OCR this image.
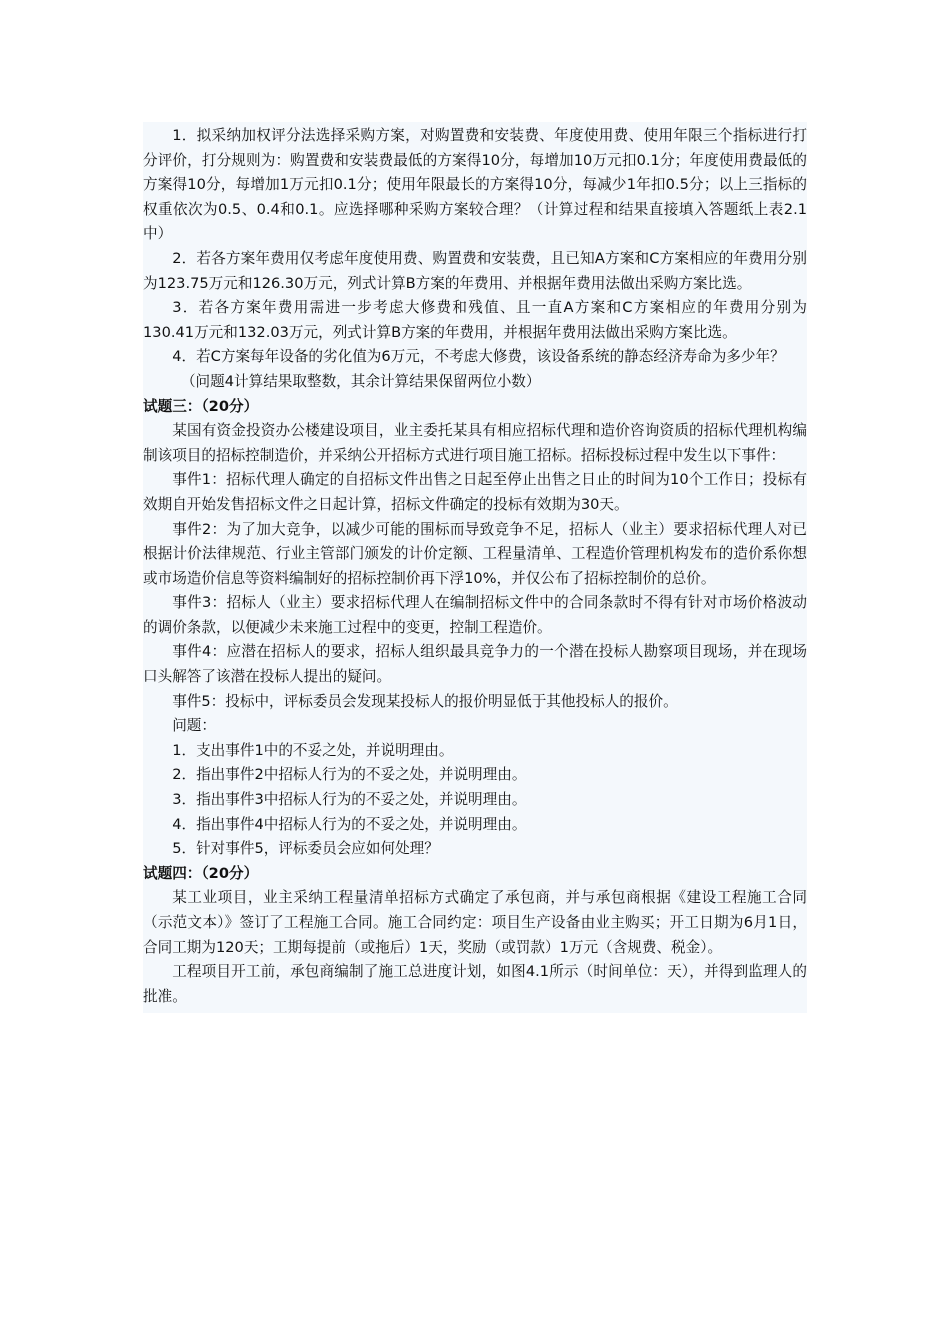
1．拟采纳加权评分法选择采购方案，对购置费和安装费、年度使用费、使用年限三个指标进行打分评价，打分规则为：购置费和安装费最低的方案得10分，每增加10万元扣0.1分；年度使用费最低的方案得10分，每增加1万元扣0.1分；使用年限最长的方案得10分，每减少1年扣0.5分；以上三指标的权重依次为0.5、0.4和0.1。应选择哪种采购方案较合理？（计算过程和结果直接填入答题纸上表2.1中）

2．若各方案年费用仅考虑年度使用费、购置费和安装费，且已知A方案和C方案相应的年费用分别为123.75万元和126.30万元，列式计算B方案的年费用、并根据年费用法做出采购方案比选。

3．若各方案年费用需进一步考虑大修费和残值、且一直A方案和C方案相应的年费用分别为130.41万元和132.03万元，列式计算B方案的年费用，并根据年费用法做出采购方案比选。

4．若C方案每年设备的劣化值为6万元，不考虑大修费，该设备系统的静态经济寿命为多少年？

（问题4计算结果取整数，其余计算结果保留两位小数）

试题三：（20分）

某国有资金投资办公楼建设项目，业主委托某具有相应招标代理和造价咨询资质的招标代理机构编制该项目的招标控制造价，并采纳公开招标方式进行项目施工招标。招标投标过程中发生以下事件：

事件1：招标代理人确定的自招标文件出售之日起至停止出售之日止的时间为10个工作日；投标有效期自开始发售招标文件之日起计算，招标文件确定的投标有效期为30天。

事件2：为了加大竞争，以减少可能的围标而导致竞争不足，招标人（业主）要求招标代理人对已根据计价法律规范、行业主管部门颁发的计价定额、工程量清单、工程造价管理机构发布的造价系你想或市场造价信息等资料编制好的招标控制价再下浮10%，并仅公布了招标控制价的总价。

事件3：招标人（业主）要求招标代理人在编制招标文件中的合同条款时不得有针对市场价格波动的调价条款，以便减少未来施工过程中的变更，控制工程造价。

事件4：应潜在招标人的要求，招标人组织最具竞争力的一个潜在投标人勘察项目现场，并在现场口头解答了该潜在投标人提出的疑问。

事件5：投标中，评标委员会发现某投标人的报价明显低于其他投标人的报价。

问题：

1．支出事件1中的不妥之处，并说明理由。

2．指出事件2中招标人行为的不妥之处，并说明理由。

3．指出事件3中招标人行为的不妥之处，并说明理由。

4．指出事件4中招标人行为的不妥之处，并说明理由。

5．针对事件5，评标委员会应如何处理？

试题四：（20分）

某工业项目，业主采纳工程量清单招标方式确定了承包商，并与承包商根据《建设工程施工合同（示范文本）》签订了工程施工合同。施工合同约定：项目生产设备由业主购买；开工日期为6月1日，合同工期为120天；工期每提前（或拖后）1天，奖励（或罚款）1万元（含规费、税金）。

工程项目开工前，承包商编制了施工总进度计划，如图4.1所示（时间单位：天），并得到监理人的批准。
